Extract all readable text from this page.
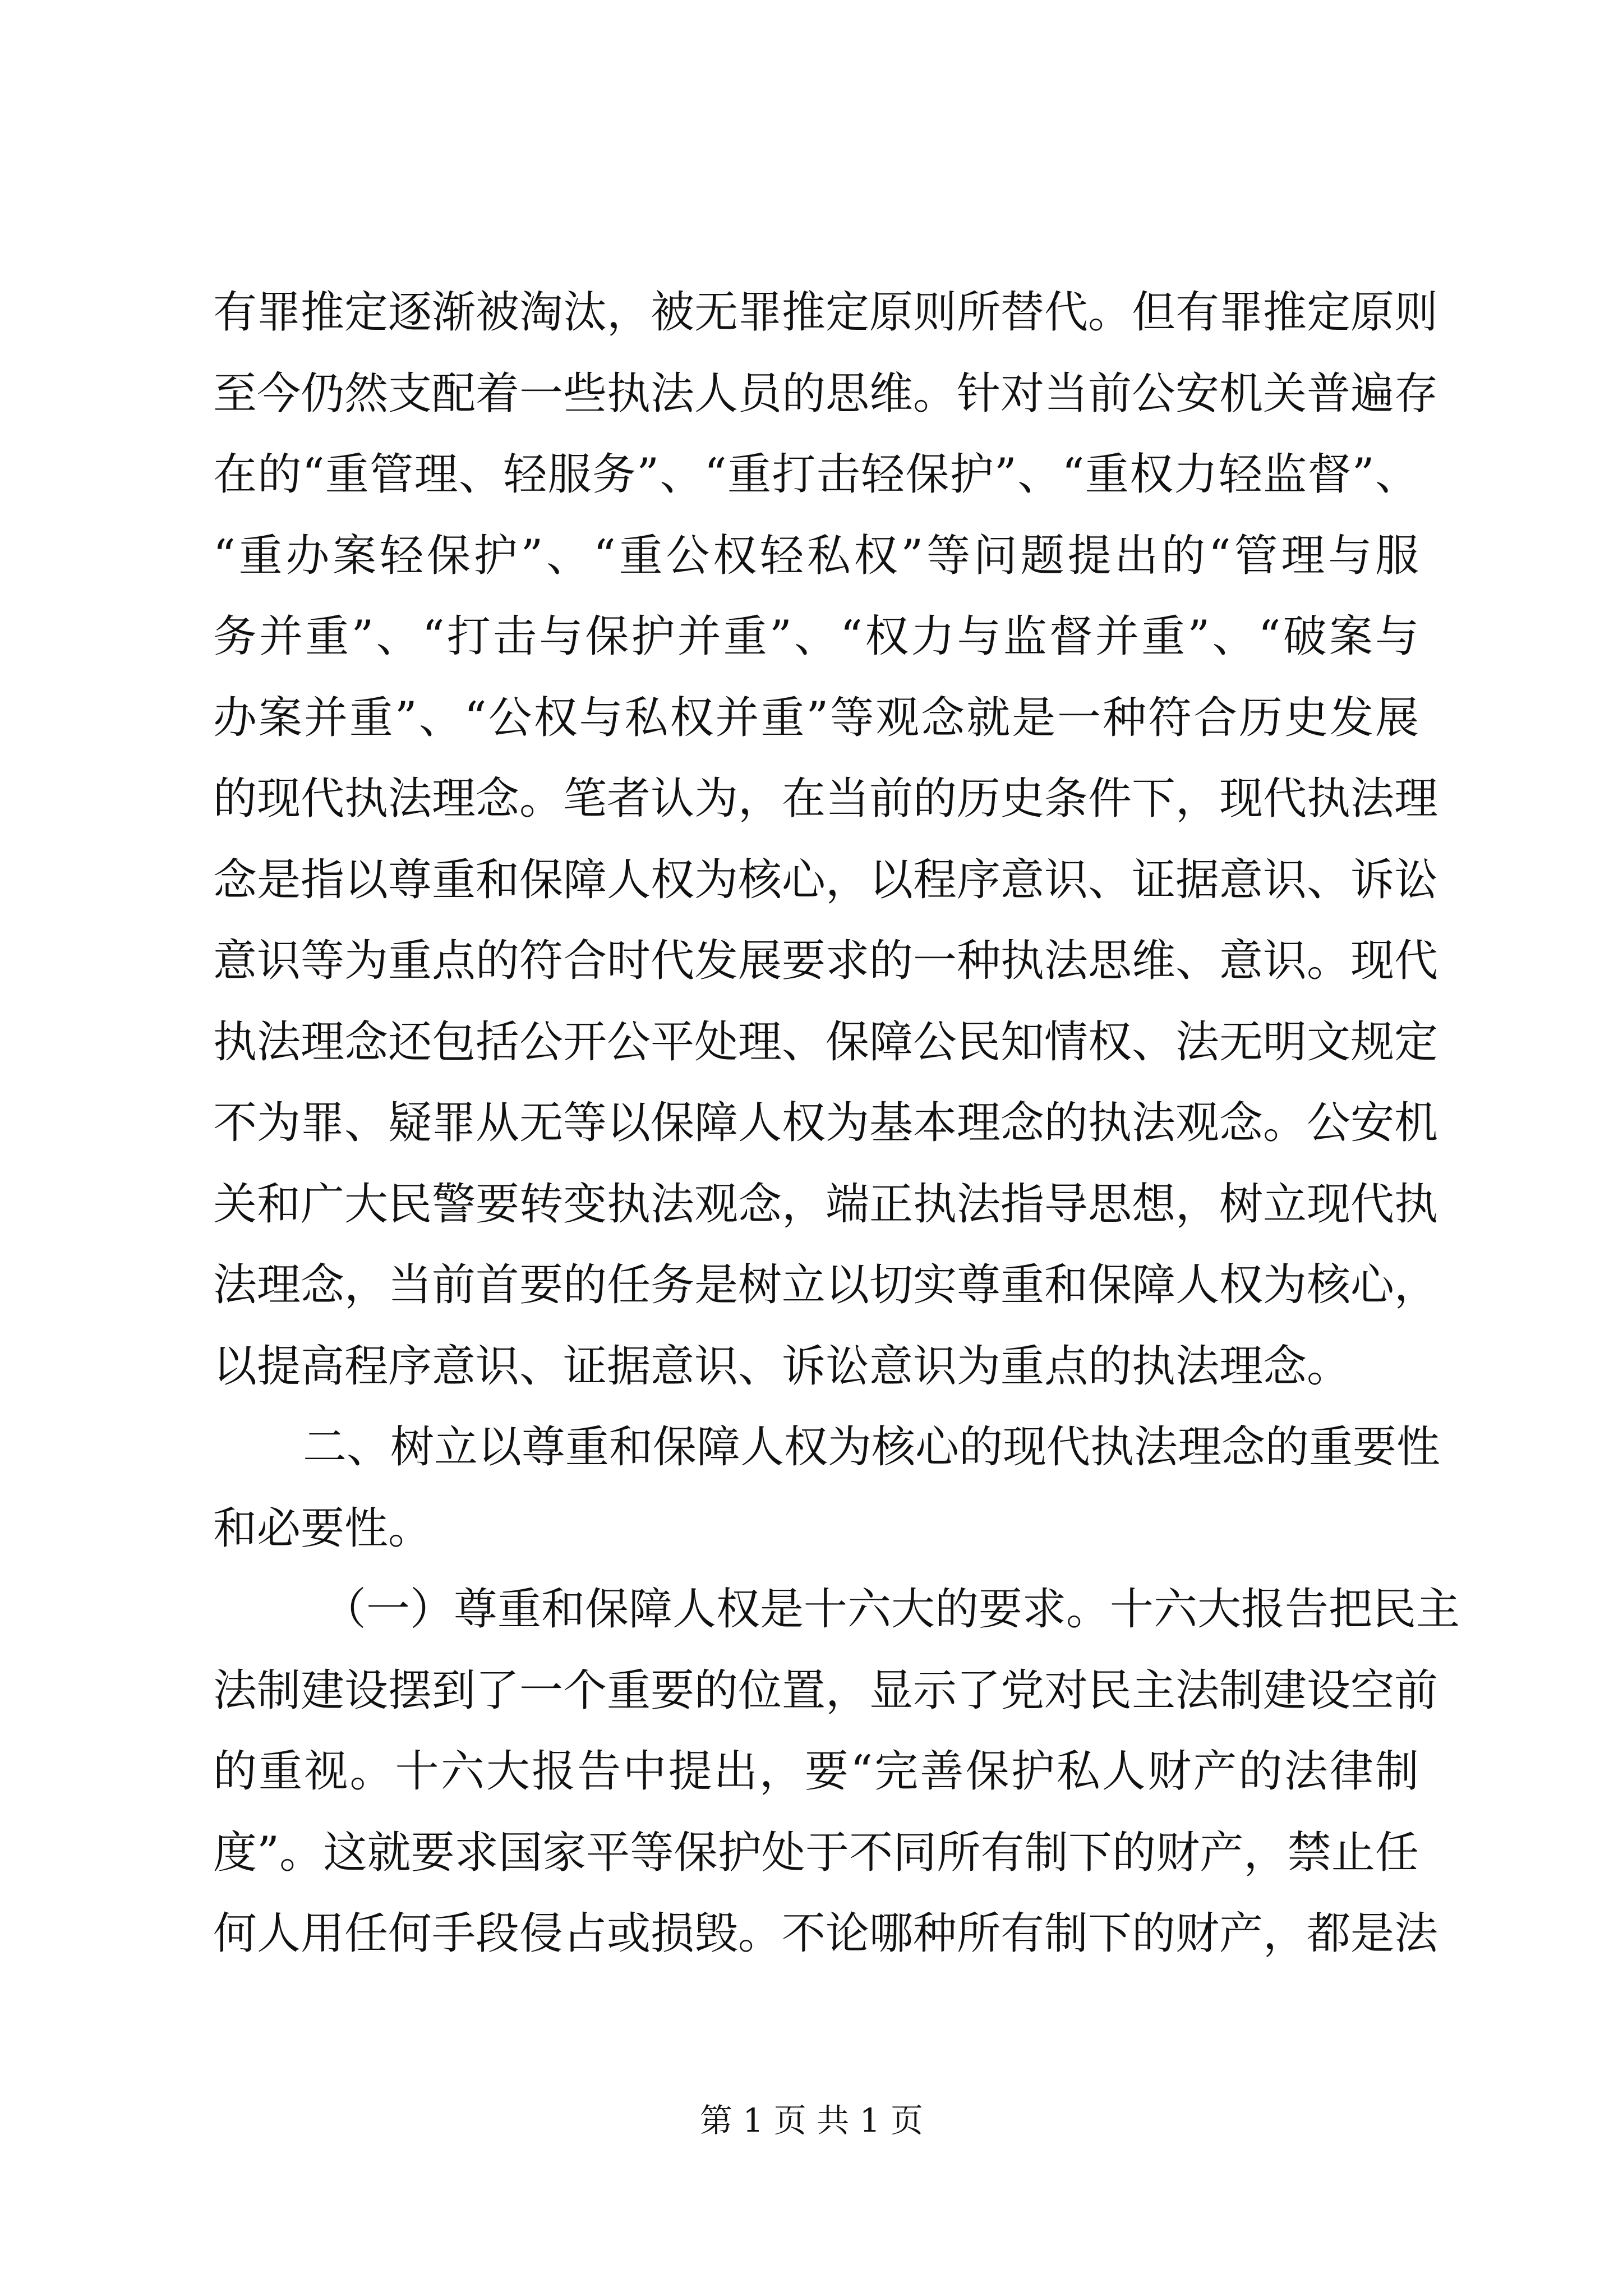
有罪推定逐渐被淘汰，被无罪推定原则所替代。但有罪推定原则
至今仍然支配着一些执法人员的思维。针对当前公安机关普遍存
在的“重管理、轻服务”、“重打击轻保护”、“重权力轻监督”、
“重办案轻保护”、“重公权轻私权”等问题提出的“管理与服
务并重”、“打击与保护并重”、“权力与监督并重”、“破案与
办案并重”、“公权与私权并重”等观念就是一种符合历史发展
的现代执法理念。笔者认为，在当前的历史条件下，现代执法理
念是指以尊重和保障人权为核心，以程序意识、证据意识、诉讼
意识等为重点的符合时代发展要求的一种执法思维、意识。现代
执法理念还包括公开公平处理、保障公民知情权、法无明文规定
不为罪、疑罪从无等以保障人权为基本理念的执法观念。公安机
关和广大民警要转变执法观念，端正执法指导思想，树立现代执
法理念，当前首要的任务是树立以切实尊重和保障人权为核心，
以提高程序意识、证据意识、诉讼意识为重点的执法理念。
二、树立以尊重和保障人权为核心的现代执法理念的重要性
和必要性。
（一）尊重和保障人权是十六大的要求。十六大报告把民主
法制建设摆到了一个重要的位置，显示了党对民主法制建设空前
的重视。十六大报告中提出，要“完善保护私人财产的法律制
度”。这就要求国家平等保护处于不同所有制下的财产，禁止任
何人用任何手段侵占或损毁。不论哪种所有制下的财产，都是法
第 1 页 共 1 页
